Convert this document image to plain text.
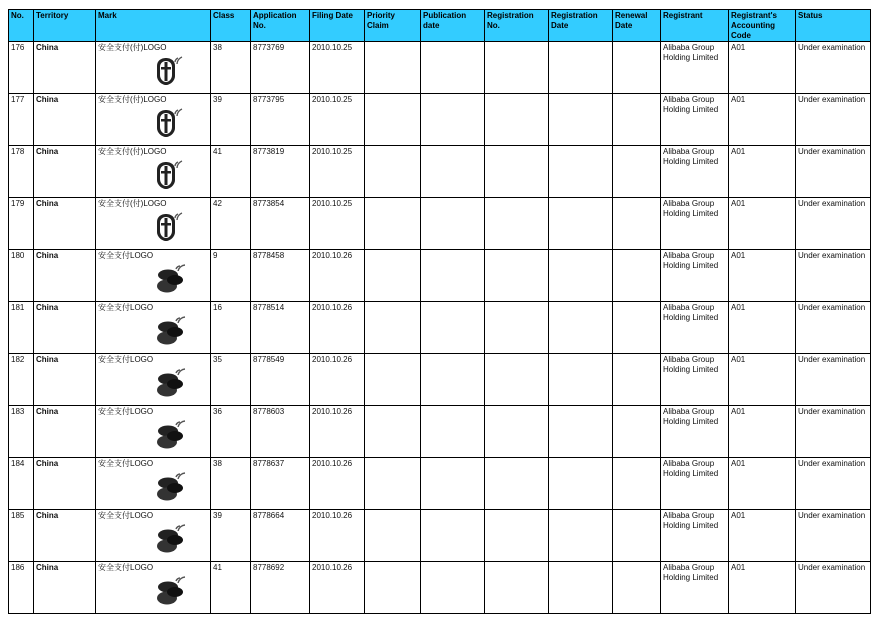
No.	Territory	Mark	Class	Application No.	Filing Date	Priority Claim	Publication date	Registration No.	Registration Date	Renewal Date	Registrant	Registrant's Accounting Code	Status
176	China	安全支付(付)LOGO	38	8773769	2010.10.25						Alibaba Group Holding Limited	A01	Under examination
177	China	安全支付(付)LOGO	39	8773795	2010.10.25						Alibaba Group Holding Limited	A01	Under examination
178	China	安全支付(付)LOGO	41	8773819	2010.10.25						Alibaba Group Holding Limited	A01	Under examination
179	China	安全支付(付)LOGO	42	8773854	2010.10.25						Alibaba Group Holding Limited	A01	Under examination
180	China	安全支付LOGO	9	8778458	2010.10.26						Alibaba Group Holding Limited	A01	Under examination
181	China	安全支付LOGO	16	8778514	2010.10.26						Alibaba Group Holding Limited	A01	Under examination
182	China	安全支付LOGO	35	8778549	2010.10.26						Alibaba Group Holding Limited	A01	Under examination
183	China	安全支付LOGO	36	8778603	2010.10.26						Alibaba Group Holding Limited	A01	Under examination
184	China	安全支付LOGO	38	8778637	2010.10.26						Alibaba Group Holding Limited	A01	Under examination
185	China	安全支付LOGO	39	8778664	2010.10.26						Alibaba Group Holding Limited	A01	Under examination
186	China	安全支付LOGO	41	8778692	2010.10.26						Alibaba Group Holding Limited	A01	Under examination
